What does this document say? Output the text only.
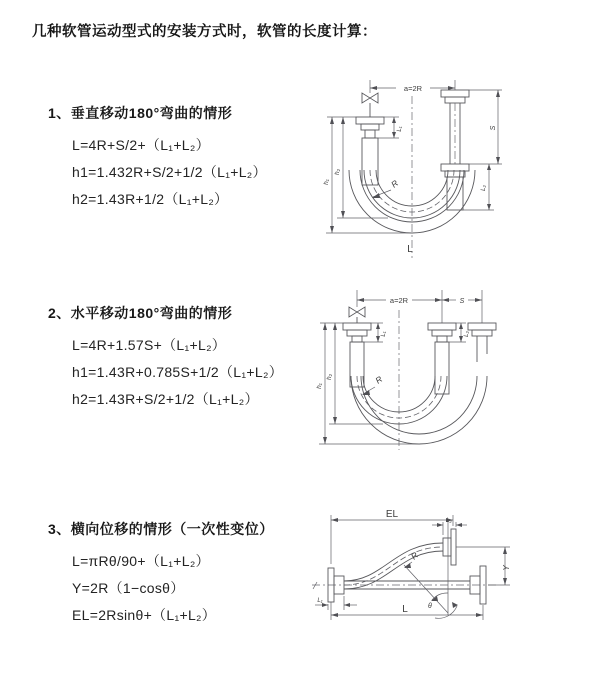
几种软管运动型式的安装方式时，软管的长度计算：
1、垂直移动180°弯曲的情形
L=4R+S/2+（L₁+L₂）
h1=1.432R+S/2+1/2（L₁+L₂）
h2=1.43R+1/2（L₁+L₂）
2、水平移动180°弯曲的情形
L=4R+1.57S+（L₁+L₂）
h1=1.43R+0.785S+1/2（L₁+L₂）
h2=1.43R+S/2+1/2（L₁+L₂）
3、横向位移的情形（一次性变位）
L=πRθ/90+（L₁+L₂）
Y=2R（1−cosθ）
EL=2Rsinθ+（L₁+L₂）
a=2R
L₁	S
L₂
h₁
h₂
R
L
a=2R	S
L₁	L₂
h₁
h₂	R
EL
L₂
Y
R
θ
L
L₁
